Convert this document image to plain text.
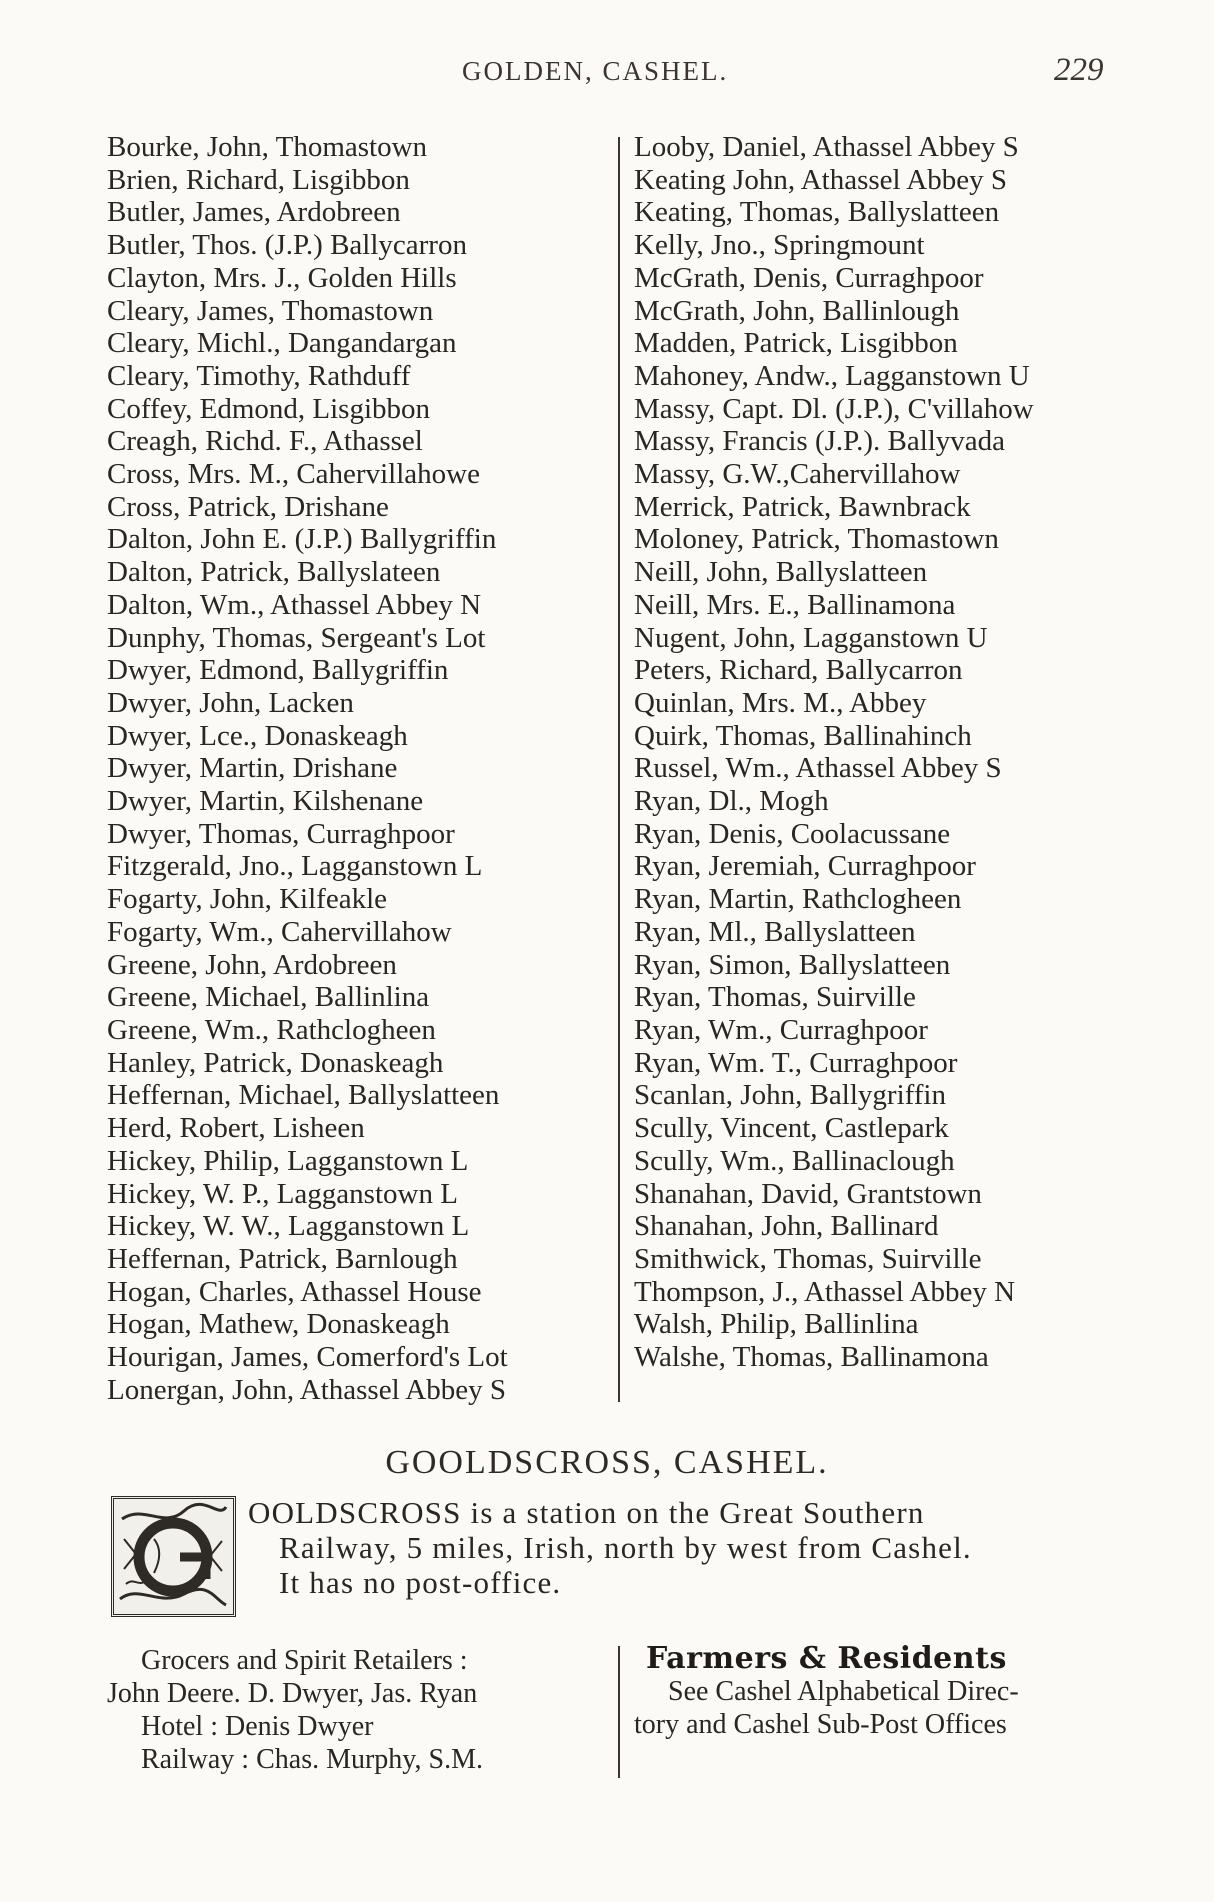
GOLDEN, CASHEL.	229
Bourke, John, Thomastown
Brien, Richard, Lisgibbon
Butler, James, Ardobreen
Butler, Thos. (J.P.) Ballycarron
Clayton, Mrs. J., Golden Hills
Cleary, James, Thomastown
Cleary, Michl., Dangandargan
Cleary, Timothy, Rathduff
Coffey, Edmond, Lisgibbon
Creagh, Richd. F., Athassel
Cross, Mrs. M., Cahervillahowe
Cross, Patrick, Drishane
Dalton, John E. (J.P.) Ballygriffin
Dalton, Patrick, Ballyslateen
Dalton, Wm., Athassel Abbey N
Dunphy, Thomas, Sergeant's Lot
Dwyer, Edmond, Ballygriffin
Dwyer, John, Lacken
Dwyer, Lce., Donaskeagh
Dwyer, Martin, Drishane
Dwyer, Martin, Kilshenane
Dwyer, Thomas, Curraghpoor
Fitzgerald, Jno., Lagganstown L
Fogarty, John, Kilfeakle
Fogarty, Wm., Cahervillahow
Greene, John, Ardobreen
Greene, Michael, Ballinlina
Greene, Wm., Rathclogheen
Hanley, Patrick, Donaskeagh
Heffernan, Michael, Ballyslatteen
Herd, Robert, Lisheen
Hickey, Philip, Lagganstown L
Hickey, W. P., Lagganstown L
Hickey, W. W., Lagganstown L
Heffernan, Patrick, Barnlough
Hogan, Charles, Athassel House
Hogan, Mathew, Donaskeagh
Hourigan, James, Comerford's Lot
Lonergan, John, Athassel Abbey S
Looby, Daniel, Athassel Abbey S
Keating John, Athassel Abbey S
Keating, Thomas, Ballyslatteen
Kelly, Jno., Springmount
McGrath, Denis, Curraghpoor
McGrath, John, Ballinlough
Madden, Patrick, Lisgibbon
Mahoney, Andw., Lagganstown U
Massy, Capt. Dl. (J.P.), C'villahow
Massy, Francis (J.P.). Ballyvada
Massy, G.W.,Cahervillahow
Merrick, Patrick, Bawnbrack
Moloney, Patrick, Thomastown
Neill, John, Ballyslatteen
Neill, Mrs. E., Ballinamona
Nugent, John, Lagganstown U
Peters, Richard, Ballycarron
Quinlan, Mrs. M., Abbey
Quirk, Thomas, Ballinahinch
Russel, Wm., Athassel Abbey S
Ryan, Dl., Mogh
Ryan, Denis, Coolacussane
Ryan, Jeremiah, Curraghpoor
Ryan, Martin, Rathclogheen
Ryan, Ml., Ballyslatteen
Ryan, Simon, Ballyslatteen
Ryan, Thomas, Suirville
Ryan, Wm., Curraghpoor
Ryan, Wm. T., Curraghpoor
Scanlan, John, Ballygriffin
Scully, Vincent, Castlepark
Scully, Wm., Ballinaclough
Shanahan, David, Grantstown
Shanahan, John, Ballinard
Smithwick, Thomas, Suirville
Thompson, J., Athassel Abbey N
Walsh, Philip, Ballinlina
Walshe, Thomas, Ballinamona
GOOLDSCROSS, CASHEL.
OOLDSCROSS is a station on the Great Southern
Railway, 5 miles, Irish, north by west from Cashel.
It has no post-office.
Grocers and Spirit Retailers :
John Deere. D. Dwyer, Jas. Ryan
Hotel : Denis Dwyer
Railway : Chas. Murphy, S.M.
Farmers & Residents
See Cashel Alphabetical Direc-
tory and Cashel Sub-Post Offices
